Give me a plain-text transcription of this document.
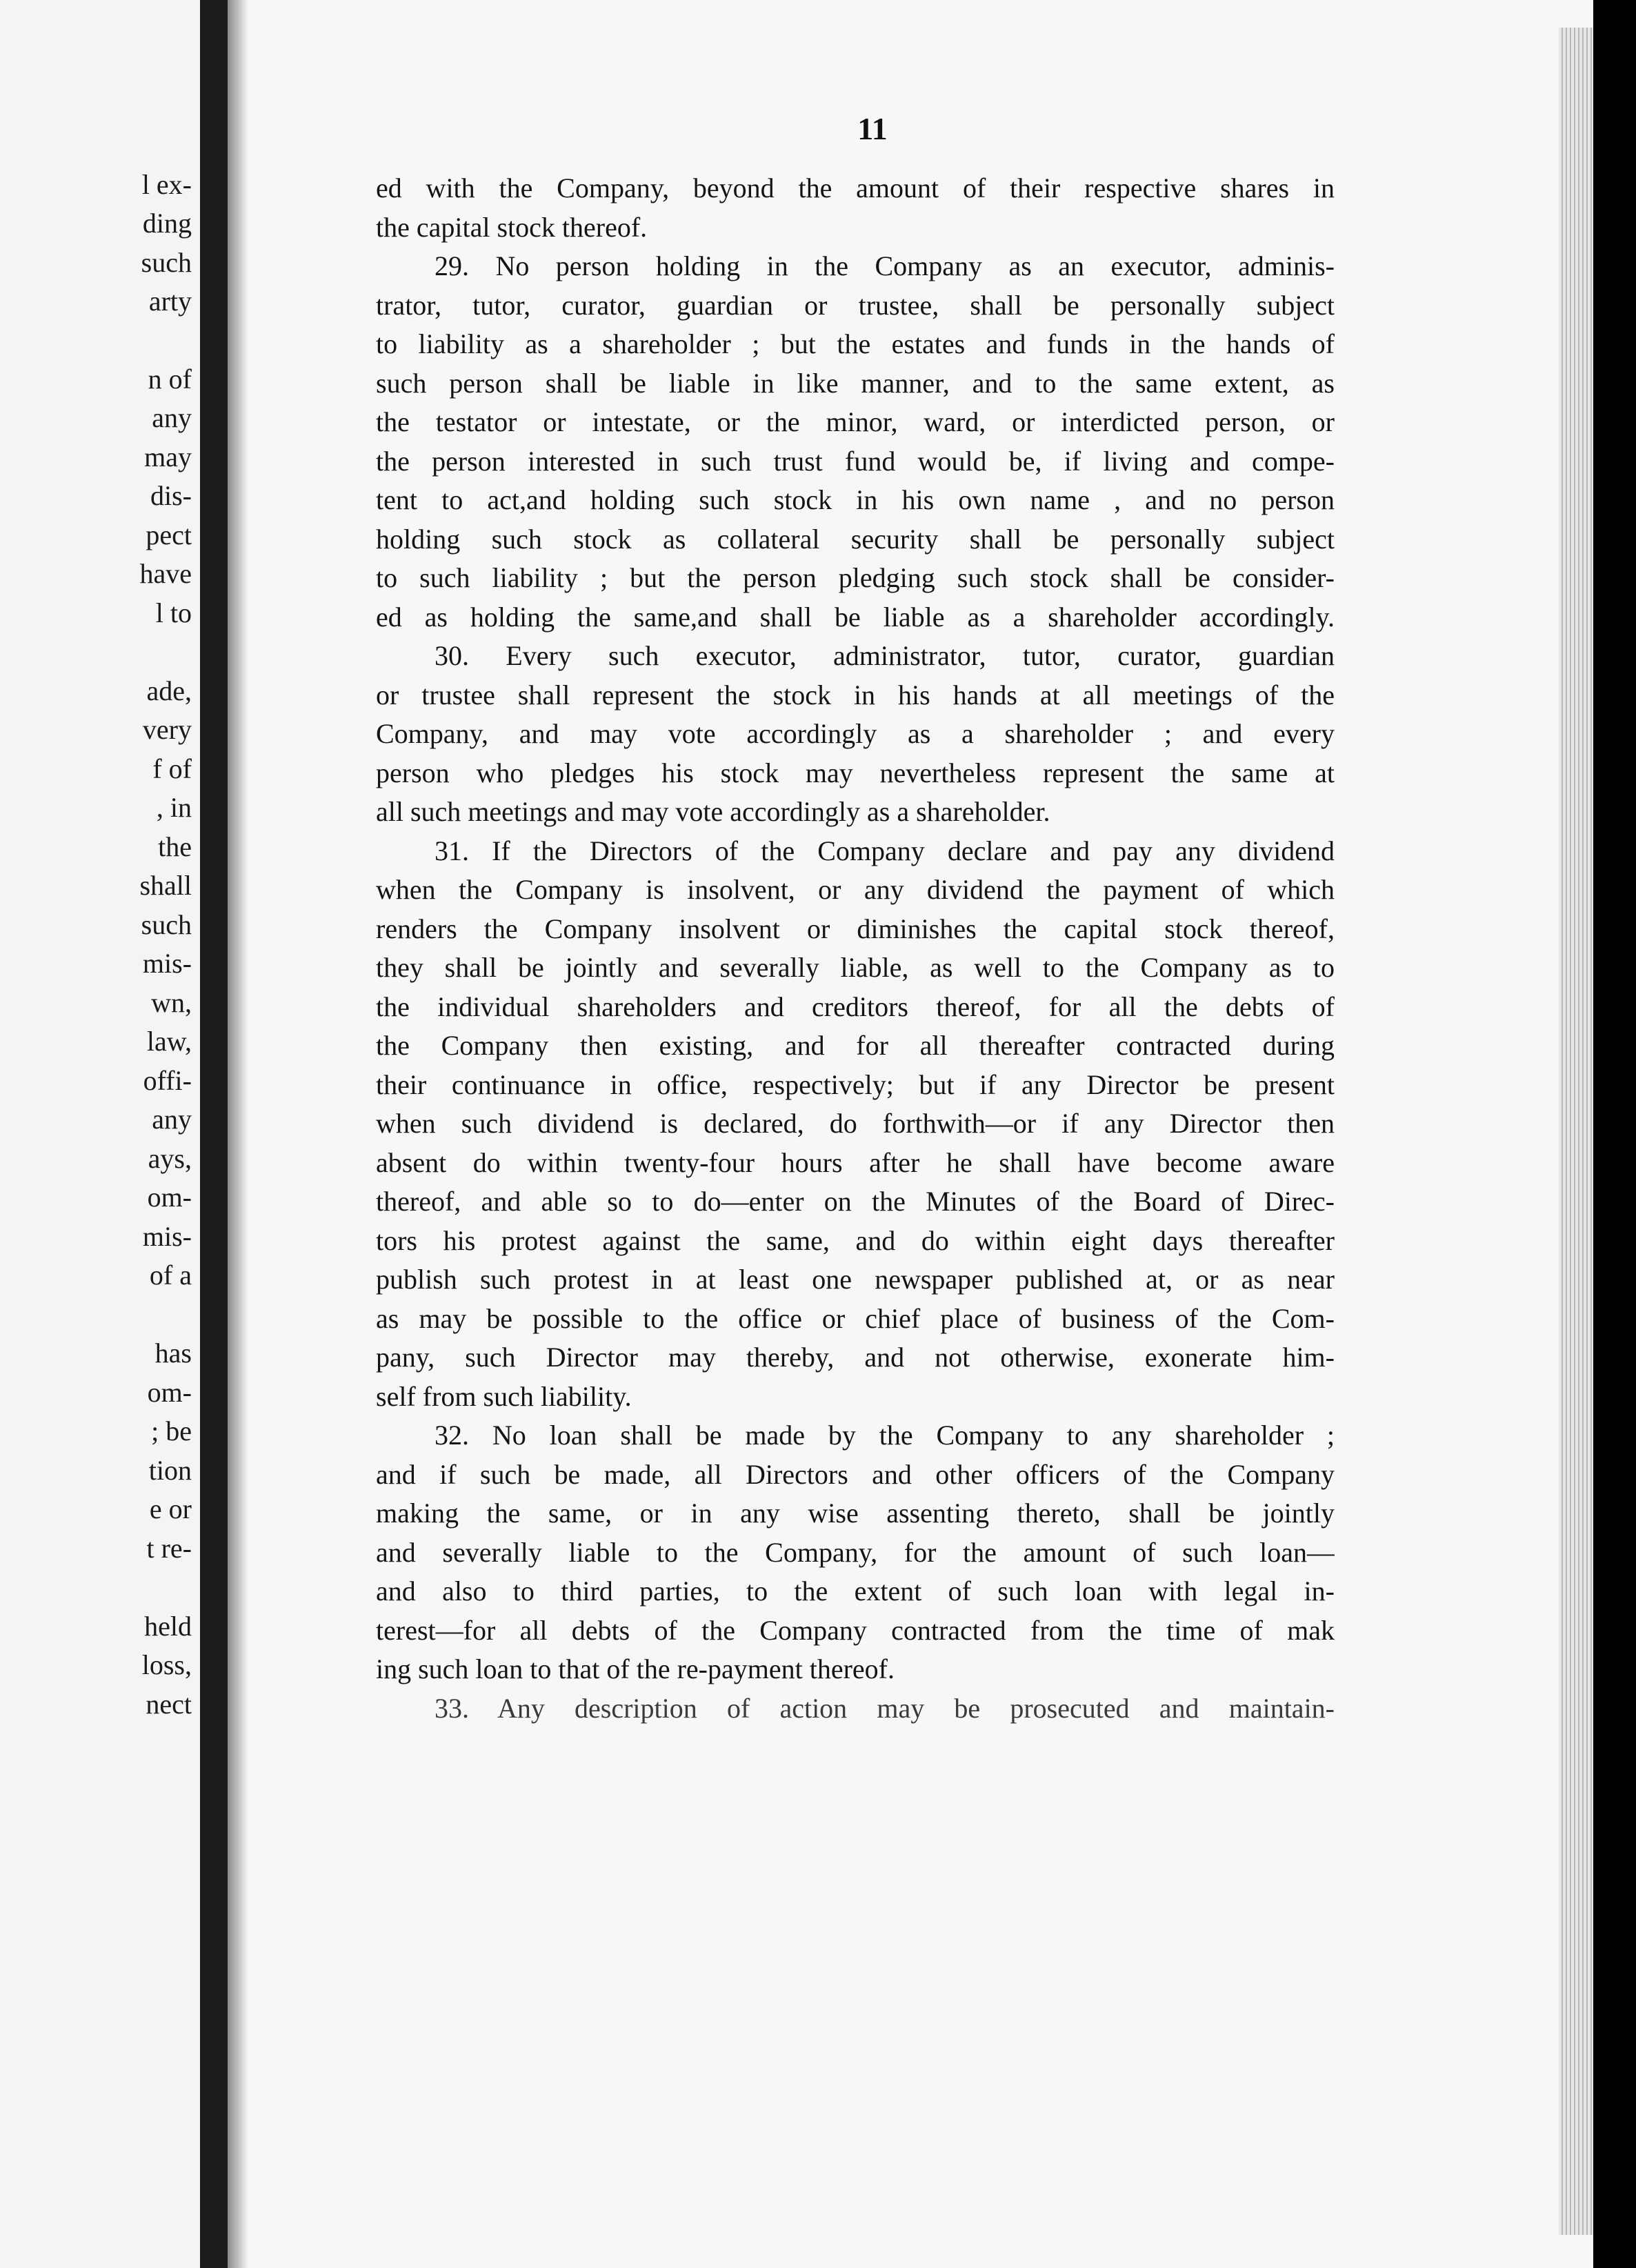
l ex-
ding
such
arty
n of
any
may
dis-
pect
have
l to
ade,
very
f of
, in
the
shall
such
mis-
wn,
law,
offi-
any
ays,
om-
mis-
of a
has
om-
; be
tion
e or
t re-
held
loss,
nect
11
ed with the Company, beyond the amount of their respective shares in
the capital stock thereof.
29. No person holding in the Company as an executor, adminis-
trator, tutor, curator, guardian or trustee, shall be personally subject
to liability as a shareholder ; but the estates and funds in the hands of
such person shall be liable in like manner, and to the same extent, as
the testator or intestate, or the minor, ward, or interdicted person, or
the person interested in such trust fund would be, if living and compe-
tent to act,and holding such stock in his own name , and no person
holding such stock as collateral security shall be personally subject
to such liability ; but the person pledging such stock shall be consider-
ed as holding the same,and shall be liable as a shareholder accordingly.
30. Every such executor, administrator, tutor, curator, guardian
or trustee shall represent the stock in his hands at all meetings of the
Company, and may vote accordingly as a shareholder ; and every
person who pledges his stock may nevertheless represent the same at
all such meetings and may vote accordingly as a shareholder.
31. If the Directors of the Company declare and pay any dividend
when the Company is insolvent, or any dividend the payment of which
renders the Company insolvent or diminishes the capital stock thereof,
they shall be jointly and severally liable, as well to the Company as to
the individual shareholders and creditors thereof, for all the debts of
the Company then existing, and for all thereafter contracted during
their continuance in office, respectively; but if any Director be present
when such dividend is declared, do forthwith—or if any Director then
absent do within twenty-four hours after he shall have become aware
thereof, and able so to do—enter on the Minutes of the Board of Direc-
tors his protest against the same, and do within eight days thereafter
publish such protest in at least one newspaper published at, or as near
as may be possible to the office or chief place of business of the Com-
pany, such Director may thereby, and not otherwise, exonerate him-
self from such liability.
32. No loan shall be made by the Company to any shareholder ;
and if such be made, all Directors and other officers of the Company
making the same, or in any wise assenting thereto, shall be jointly
and severally liable to the Company, for the amount of such loan—
and also to third parties, to the extent of such loan with legal in-
terest—for all debts of the Company contracted from the time of mak
ing such loan to that of the re-payment thereof.
33. Any description of action may be prosecuted and maintain-
